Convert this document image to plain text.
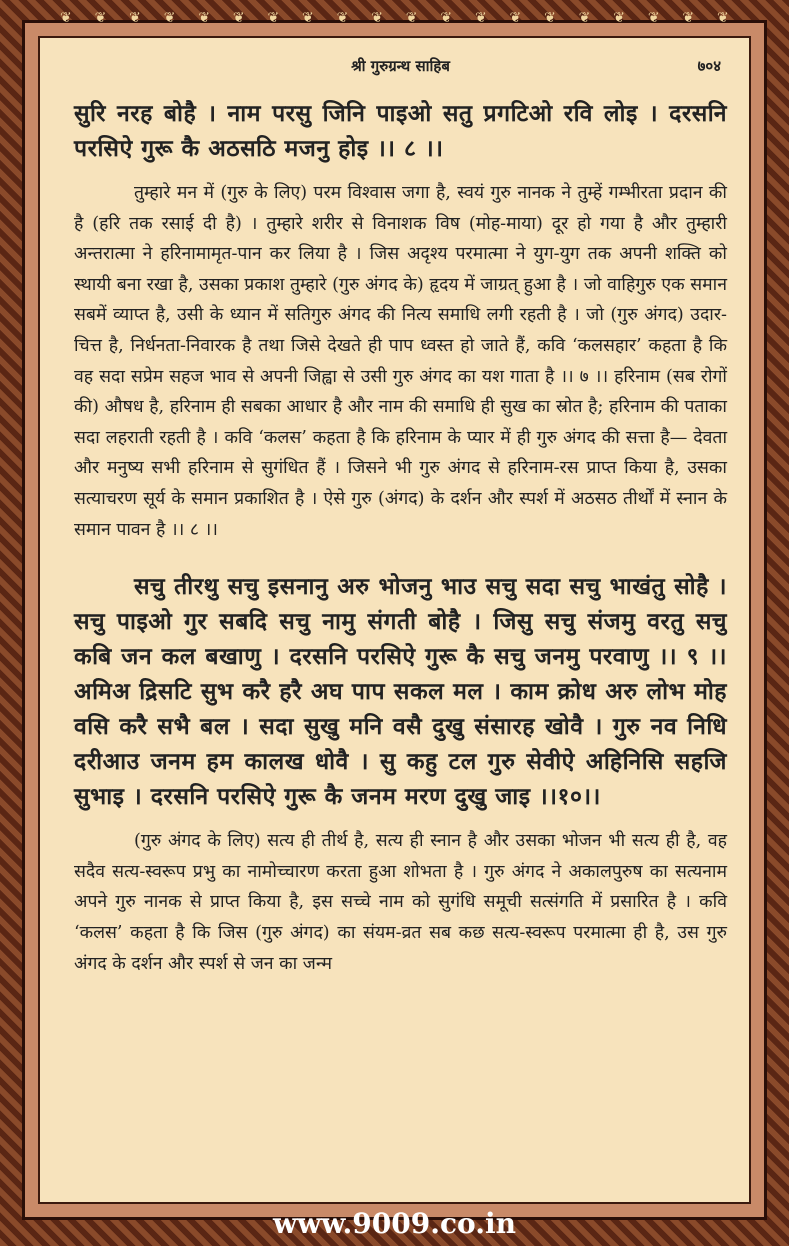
❦ ❦ ❦ ❦ ❦ ❦ ❦ ❦ ❦ ❦ ❦ ❦ ❦ ❦ ❦ ❦ ❦ ❦ ❦ ❦
श्री गुरुग्रन्थ साहिब	७०४

सुरि नरह बोहै । नाम परसु जिनि पाइओ सतु प्रगटिओ रवि लोइ । दरसनि परसिऐ गुरू कै अठसठि मजनु होइ ।। ८ ।।

तुम्हारे मन में (गुरु के लिए) परम विश्वास जगा है, स्वयं गुरु नानक ने तुम्हें गम्भीरता प्रदान की है (हरि तक रसाई दी है) । तुम्हारे शरीर से विनाशक विष (मोह-माया) दूर हो गया है और तुम्हारी अन्तरात्मा ने हरिनामामृत-पान कर लिया है । जिस अदृश्य परमात्मा ने युग-युग तक अपनी शक्ति को स्थायी बना रखा है, उसका प्रकाश तुम्हारे (गुरु अंगद के) हृदय में जाग्रत् हुआ है । जो वाहिगुरु एक समान सबमें व्याप्त है, उसी के ध्यान में सतिगुरु अंगद की नित्य समाधि लगी रहती है । जो (गुरु अंगद) उदार-चित्त है, निर्धनता-निवारक है तथा जिसे देखते ही पाप ध्वस्त हो जाते हैं, कवि ‘कलसहार’ कहता है कि वह सदा सप्रेम सहज भाव से अपनी जिह्वा से उसी गुरु अंगद का यश गाता है ।। ७ ।। हरिनाम (सब रोगों की) औषध है, हरिनाम ही सबका आधार है और नाम की समाधि ही सुख का स्रोत है; हरिनाम की पताका सदा लहराती रहती है । कवि ‘कलस’ कहता है कि हरिनाम के प्यार में ही गुरु अंगद की सत्ता है— देवता और मनुष्य सभी हरिनाम से सुगंधित हैं । जिसने भी गुरु अंगद से हरिनाम-रस प्राप्त किया है, उसका सत्याचरण सूर्य के समान प्रकाशित है । ऐसे गुरु (अंगद) के दर्शन और स्पर्श में अठसठ तीर्थों में स्नान के समान पावन है ।। ८ ।।

सचु तीरथु सचु इसनानु अरु भोजनु भाउ सचु सदा सचु भाखंतु सोहै । सचु पाइओ गुर सबदि सचु नामु संगती बोहै । जिसु सचु संजमु वरतु सचु कबि जन कल बखाणु । दरसनि परसिऐ गुरू कै सचु जनमु परवाणु ।। ९ ।। अमिअ द्रिसटि सुभ करै हरै अघ पाप सकल मल । काम क्रोध अरु लोभ मोह वसि करै सभै बल । सदा सुखु मनि वसै दुखु संसारह खोवै । गुरु नव निधि दरीआउ जनम हम कालख धोवै । सु कहु टल गुरु सेवीऐ अहिनिसि सहजि सुभाइ । दरसनि परसिऐ गुरू कै जनम मरण दुखु जाइ ।।१०।।

(गुरु अंगद के लिए) सत्य ही तीर्थ है, सत्य ही स्नान है और उसका भोजन भी सत्य ही है, वह सदैव सत्य-स्वरूप प्रभु का नामोच्चारण करता हुआ शोभता है । गुरु अंगद ने अकालपुरुष का सत्यनाम अपने गुरु नानक से प्राप्त किया है, इस सच्चे नाम को सुगंधि समूची सत्संगति में प्रसारित है । कवि ‘कलस’ कहता है कि जिस (गुरु अंगद) का संयम-व्रत सब कछ सत्य-स्वरूप परमात्मा ही है, उस गुरु अंगद के दर्शन और स्पर्श से जन का जन्म

www.9009.co.in
